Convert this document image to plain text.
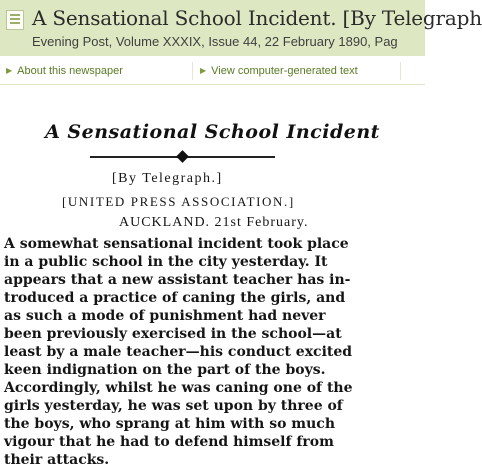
A Sensational School Incident. [By Telegraph
Evening Post, Volume XXXIX, Issue 44, 22 February 1890, Pag
▶ About this newspaper	▶ View computer-generated text
A Sensational School Incident
[By Telegraph.]
[UNITED PRESS ASSOCIATION.]
AUCKLAND. 21st February.
A somewhat sensational incident took place
in a public school in the city yesterday. It
appears that a new assistant teacher has in-
troduced a practice of caning the girls, and
as such a mode of punishment had never
been previously exercised in the school—at
least by a male teacher—his conduct excited
keen indignation on the part of the boys.
Accordingly, whilst he was caning one of the
girls yesterday, he was set upon by three of
the boys, who sprang at him with so much
vigour that he had to defend himself from
their attacks.
